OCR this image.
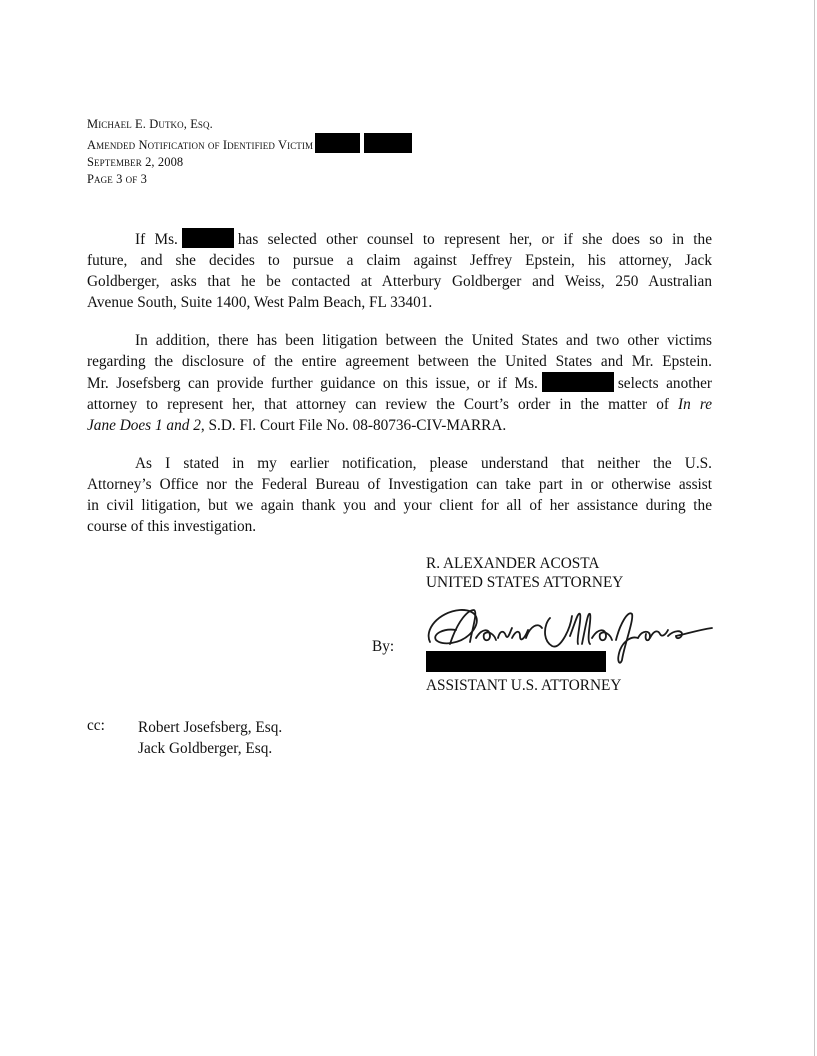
Michael E. Dutko, Esq.
Amended Notification of Identified Victim
September 2, 2008
Page 3 of 3
If Ms.	has selected other counsel to represent her, or if she does so in the
future, and she decides to pursue a claim against Jeffrey Epstein, his attorney, Jack
Goldberger, asks that he be contacted at Atterbury Goldberger and Weiss, 250 Australian
Avenue South, Suite 1400, West Palm Beach, FL 33401.
In addition, there has been litigation between the United States and two other victims
regarding the disclosure of the entire agreement between the United States and Mr. Epstein.
Mr. Josefsberg can provide further guidance on this issue, or if Ms.	selects another
attorney to represent her, that attorney can review the Court’s order in the matter of In re
Jane Does 1 and 2, S.D. Fl. Court File No. 08-80736-CIV-MARRA.
As I stated in my earlier notification, please understand that neither the U.S.
Attorney’s Office nor the Federal Bureau of Investigation can take part in or otherwise assist
in civil litigation, but we again thank you and your client for all of her assistance during the
course of this investigation.
R. ALEXANDER ACOSTA
UNITED STATES ATTORNEY
By:
ASSISTANT U.S. ATTORNEY
cc: Robert Josefsberg, Esq.
Jack Goldberger, Esq.
